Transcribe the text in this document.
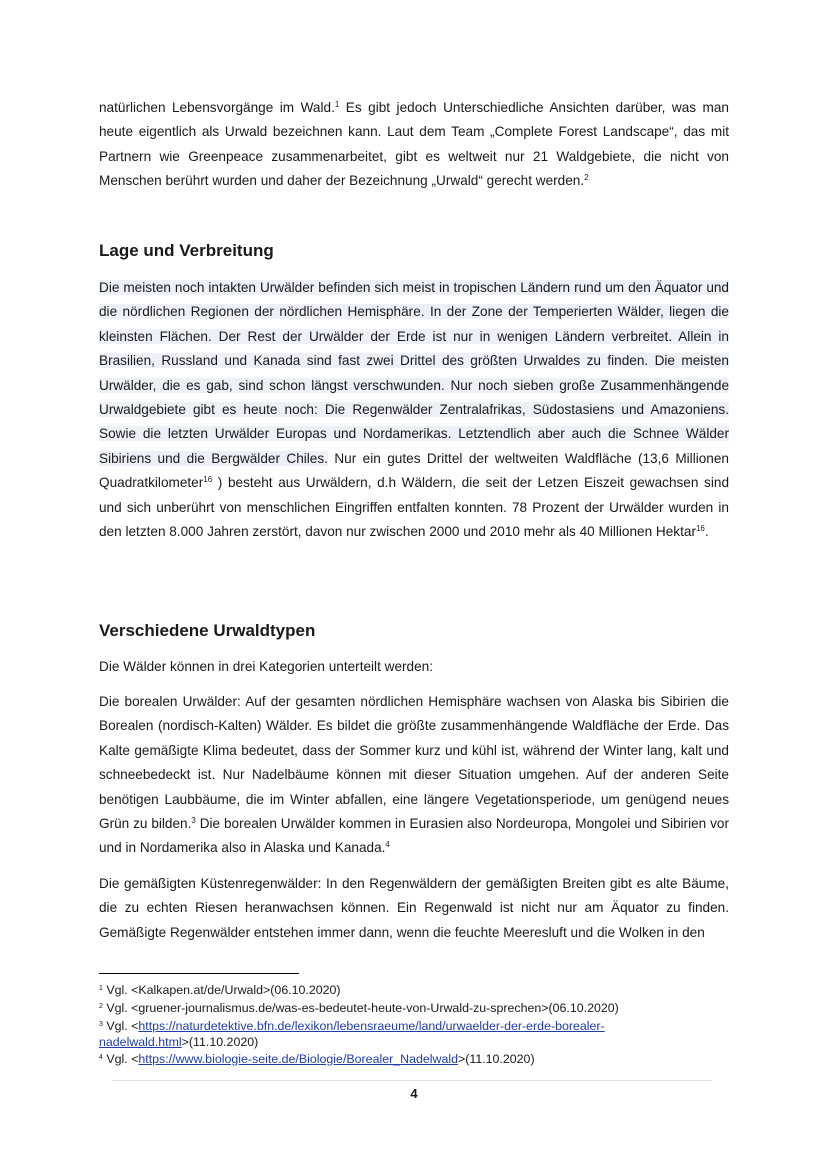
natürlichen Lebensvorgänge im Wald.$^1$ Es gibt jedoch Unterschiedliche Ansichten darüber, was man heute eigentlich als Urwald bezeichnen kann. Laut dem Team „Complete Forest Landscape“, das mit Partnern wie Greenpeace zusammenarbeitet, gibt es weltweit nur 21 Waldgebiete, die nicht von Menschen berührt wurden und daher der Bezeichnung „Urwald“ gerecht werden.$^2$

Lage und Verbreitung

Die meisten noch intakten Urwälder befinden sich meist in tropischen Ländern rund um den Äquator und die nördlichen Regionen der nördlichen Hemisphäre. In der Zone der Temperierten Wälder, liegen die kleinsten Flächen. Der Rest der Urwälder der Erde ist nur in wenigen Ländern verbreitet. Allein in Brasilien, Russland und Kanada sind fast zwei Drittel des größten Urwaldes zu finden. Die meisten Urwälder, die es gab, sind schon längst verschwunden. Nur noch sieben große Zusammenhängende Urwaldgebiete gibt es heute noch: Die Regenwälder Zentralafrikas, Südostasiens und Amazoniens. Sowie die letzten Urwälder Europas und Nordamerikas. Letztendlich aber auch die Schnee Wälder Sibiriens und die Bergwälder Chiles. Nur ein gutes Drittel der weltweiten Waldfläche (13,6 Millionen Quadratkilometer$^{16}$ ) besteht aus Urwäldern, d.h Wäldern, die seit der Letzen Eiszeit gewachsen sind und sich unberührt von menschlichen Eingriffen entfalten konnten. 78 Prozent der Urwälder wurden in den letzten 8.000 Jahren zerstört, davon nur zwischen 2000 und 2010 mehr als 40 Millionen Hektar$^{16}$.

Verschiedene Urwaldtypen

Die Wälder können in drei Kategorien unterteilt werden:

Die borealen Urwälder: Auf der gesamten nördlichen Hemisphäre wachsen von Alaska bis Sibirien die Borealen (nordisch-Kalten) Wälder. Es bildet die größte zusammenhängende Waldfläche der Erde. Das Kalte gemäßigte Klima bedeutet, dass der Sommer kurz und kühl ist, während der Winter lang, kalt und schneebedeckt ist. Nur Nadelbäume können mit dieser Situation umgehen. Auf der anderen Seite benötigen Laubbäume, die im Winter abfallen, eine längere Vegetationsperiode, um genügend neues Grün zu bilden.$^3$ Die borealen Urwälder kommen in Eurasien also Nordeuropa, Mongolei und Sibirien vor und in Nordamerika also in Alaska und Kanada.$^4$

Die gemäßigten Küstenregenwälder: In den Regenwäldern der gemäßigten Breiten gibt es alte Bäume, die zu echten Riesen heranwachsen können. Ein Regenwald ist nicht nur am Äquator zu finden. Gemäßigte Regenwälder entstehen immer dann, wenn die feuchte Meeresluft und die Wolken in den

$^1$ Vgl. <Kalkapen.at/de/Urwald>(06.10.2020)

$^2$ Vgl. <gruener-journalismus.de/was-es-bedeutet-heute-von-Urwald-zu-sprechen>(06.10.2020)

$^3$ Vgl. <https://naturdetektive.bfn.de/lexikon/lebensraeume/land/urwaelder-der-erde-borealer-
nadelwald.html>(11.10.2020)

$^4$ Vgl. <https://www.biologie-seite.de/Biologie/Borealer_Nadelwald>(11.10.2020)

4
